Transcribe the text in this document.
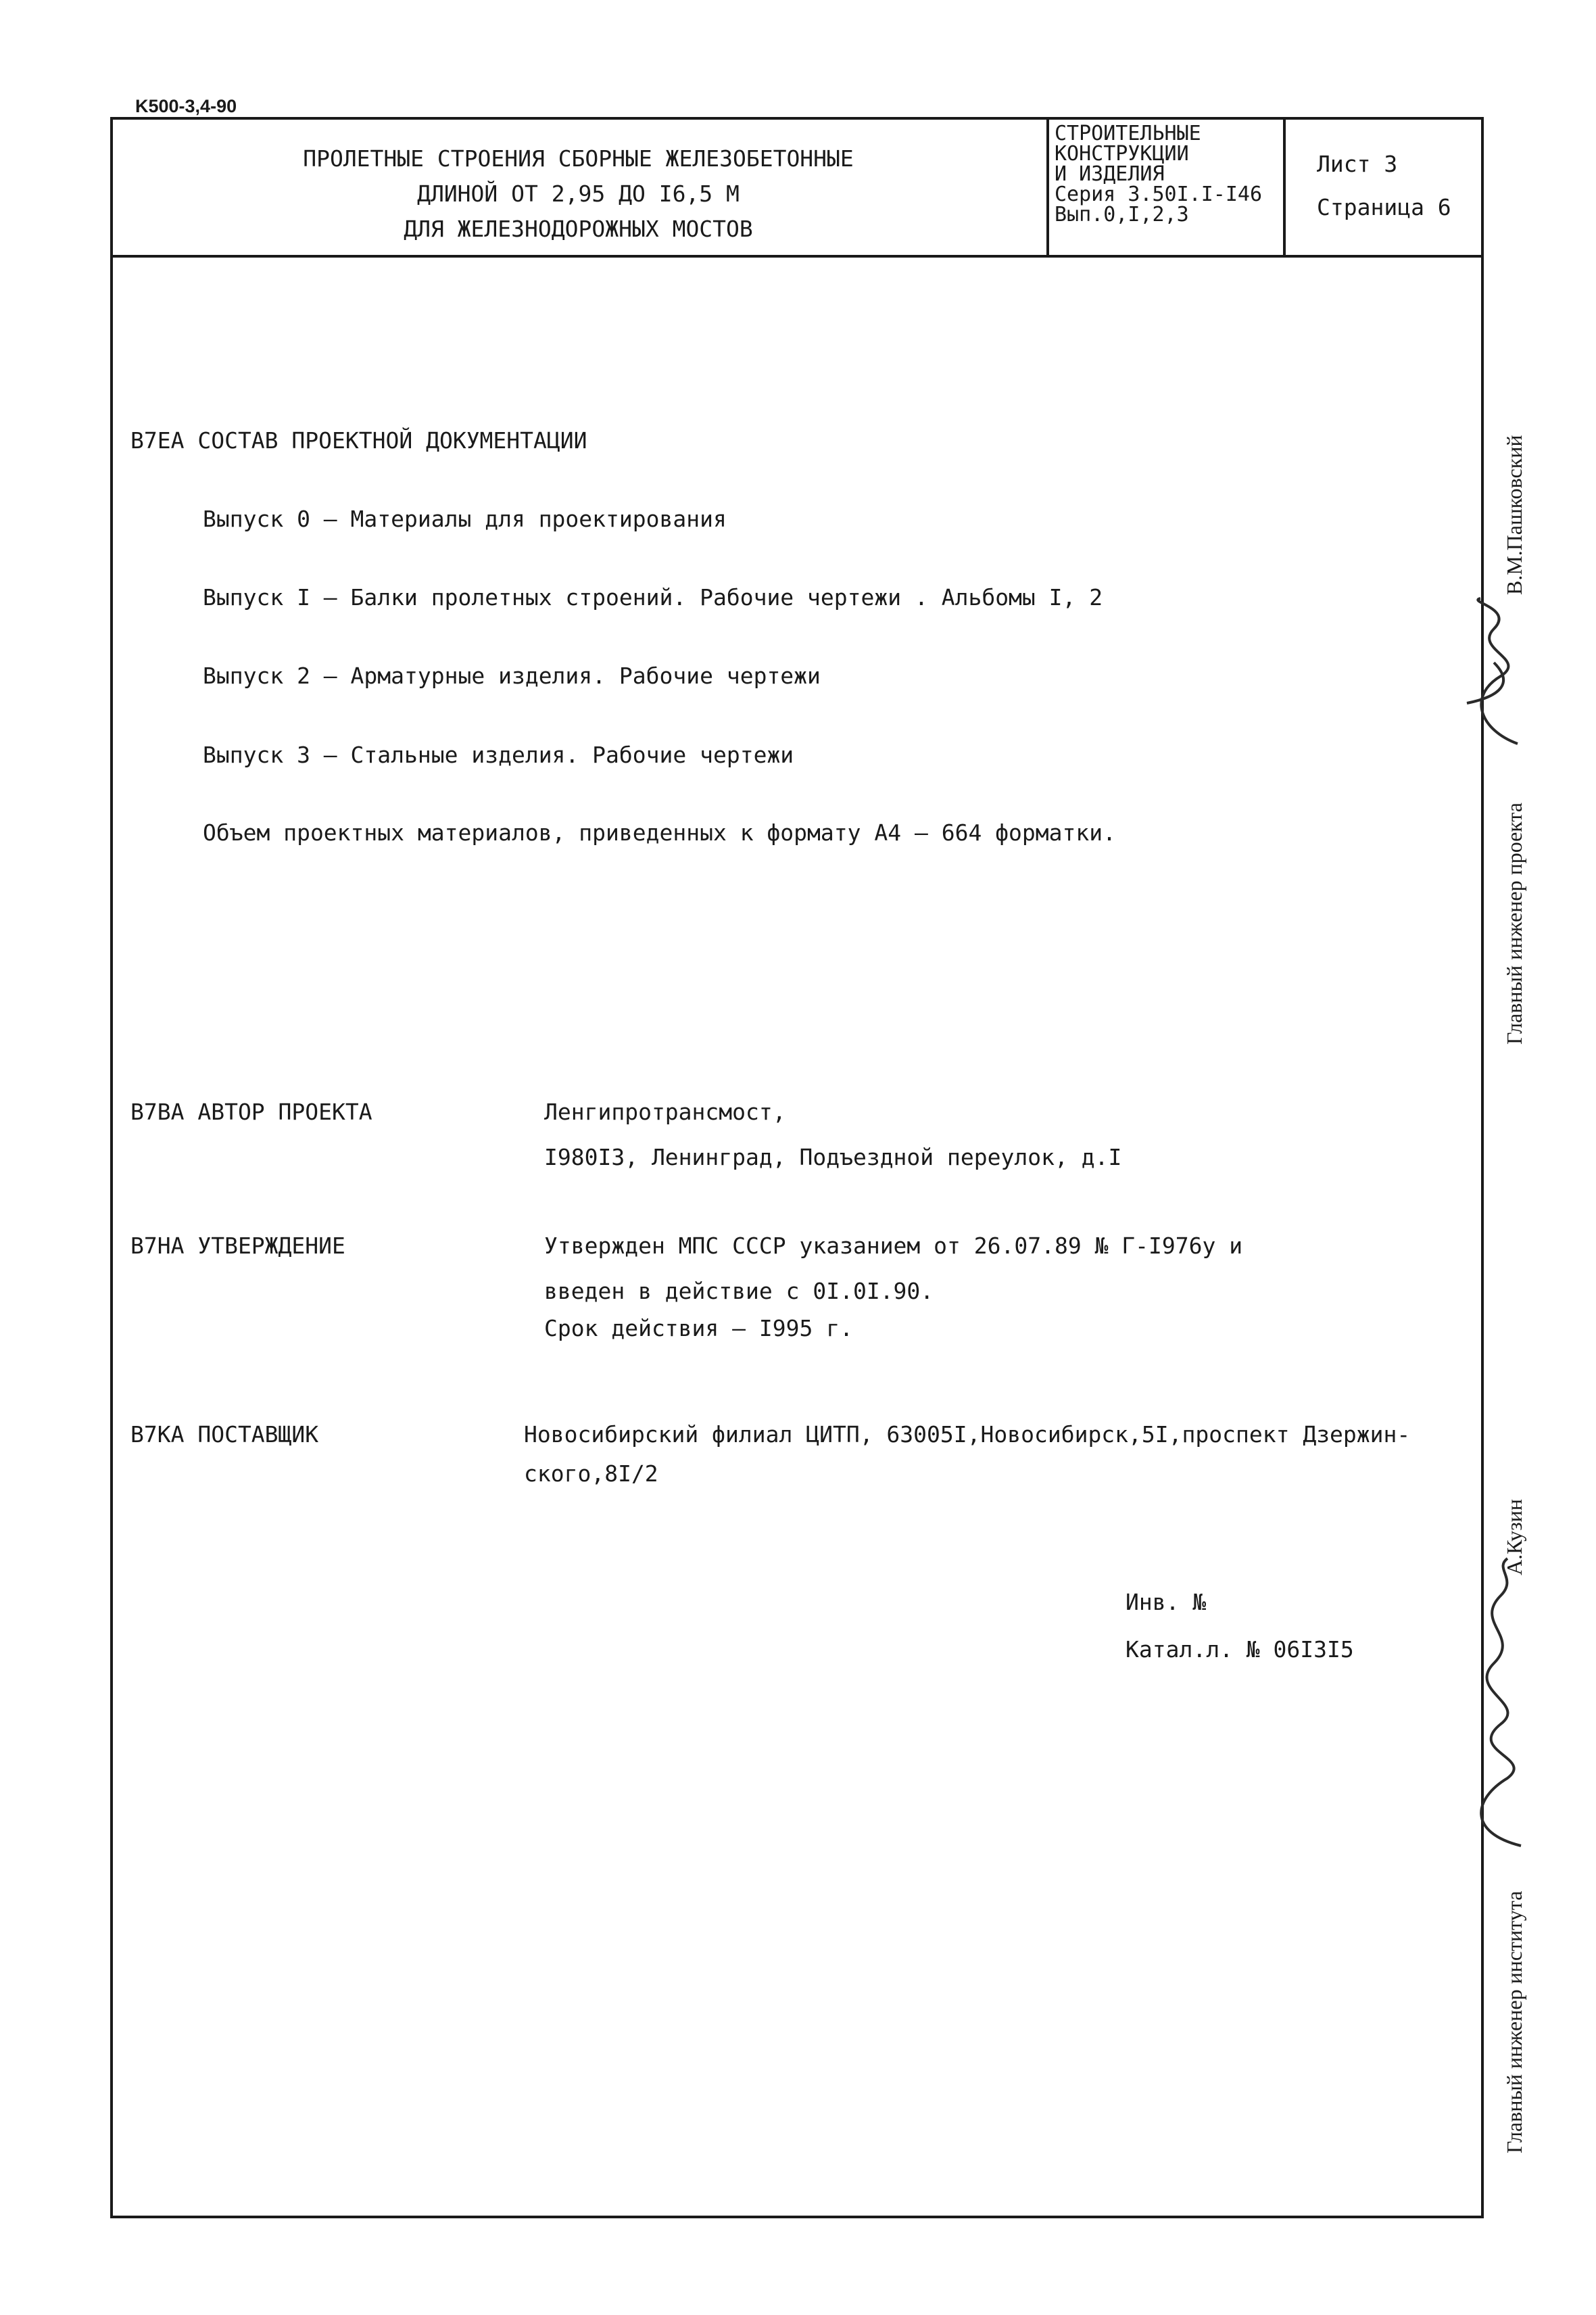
K500-3,4-90
ПРОЛЕТНЫЕ СТРОЕНИЯ СБОРНЫЕ ЖЕЛЕЗОБЕТОННЫЕ
ДЛИНОЙ ОТ 2,95 ДО I6,5 М
ДЛЯ ЖЕЛЕЗНОДОРОЖНЫХ МОСТОВ
СТРОИТЕЛЬНЫЕ
КОНСТРУКЦИИ
И ИЗДЕЛИЯ
Серия 3.50I.I-I46
Вып.0,I,2,3
Лист 3
Страница 6
B7EA СОСТАВ ПРОЕКТНОЙ ДОКУМЕНТАЦИИ
Выпуск 0 – Материалы для проектирования
Выпуск I – Балки пролетных строений. Рабочие чертежи . Альбомы I, 2
Выпуск 2 – Арматурные изделия. Рабочие чертежи
Выпуск 3 – Стальные изделия. Рабочие чертежи
Объем проектных материалов, приведенных к формату А4 – 664 форматки.
B7BA АВТОР ПРОЕКТА	Ленгипротрансмост,
I980I3, Ленинград, Подъездной переулок, д.I
B7HA УТВЕРЖДЕНИЕ	Утвержден МПС СССР указанием от 26.07.89 № Г-I976у и
введен в действие с 0I.0I.90.
Срок действия – I995 г.
B7KA ПОСТАВЩИК	Новосибирский филиал ЦИТП, 63005I,Новосибирск,5I,проспект Дзержин-
ского,8I/2
Инв. №
Катал.л. № 06I3I5
Главный инженер проекта
В.М.Пашковский
Главный инженер института
А.Кузин
